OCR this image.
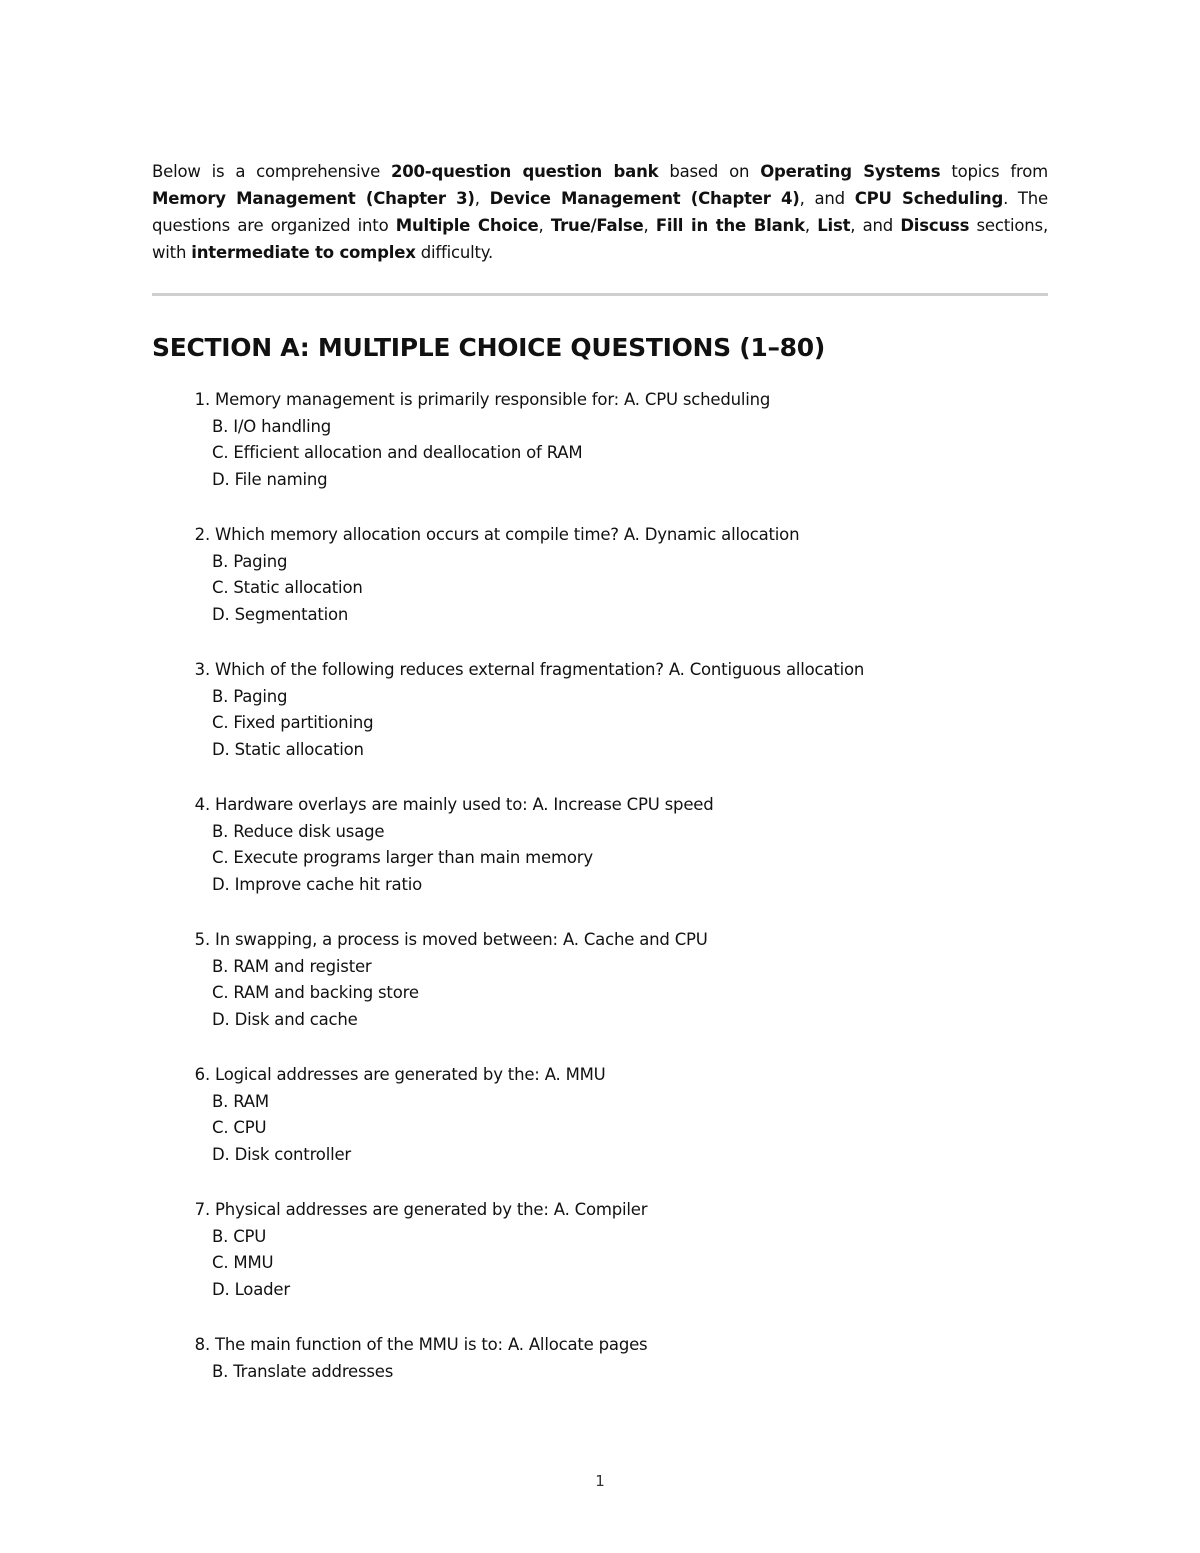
Below is a comprehensive 200-question question bank based on Operating Systems topics from Memory Management (Chapter 3), Device Management (Chapter 4), and CPU Scheduling. The questions are organized into Multiple Choice, True/False, Fill in the Blank, List, and Discuss sections, with intermediate to complex difficulty.

SECTION A: MULTIPLE CHOICE QUESTIONS (1–80)
1. Memory management is primarily responsible for: A. CPU scheduling
B. I/O handling
C. Efficient allocation and deallocation of RAM
D. File naming
2. Which memory allocation occurs at compile time? A. Dynamic allocation
B. Paging
C. Static allocation
D. Segmentation
3. Which of the following reduces external fragmentation? A. Contiguous allocation
B. Paging
C. Fixed partitioning
D. Static allocation
4. Hardware overlays are mainly used to: A. Increase CPU speed
B. Reduce disk usage
C. Execute programs larger than main memory
D. Improve cache hit ratio
5. In swapping, a process is moved between: A. Cache and CPU
B. RAM and register
C. RAM and backing store
D. Disk and cache
6. Logical addresses are generated by the: A. MMU
B. RAM
C. CPU
D. Disk controller
7. Physical addresses are generated by the: A. Compiler
B. CPU
C. MMU
D. Loader
8. The main function of the MMU is to: A. Allocate pages
B. Translate addresses
1
